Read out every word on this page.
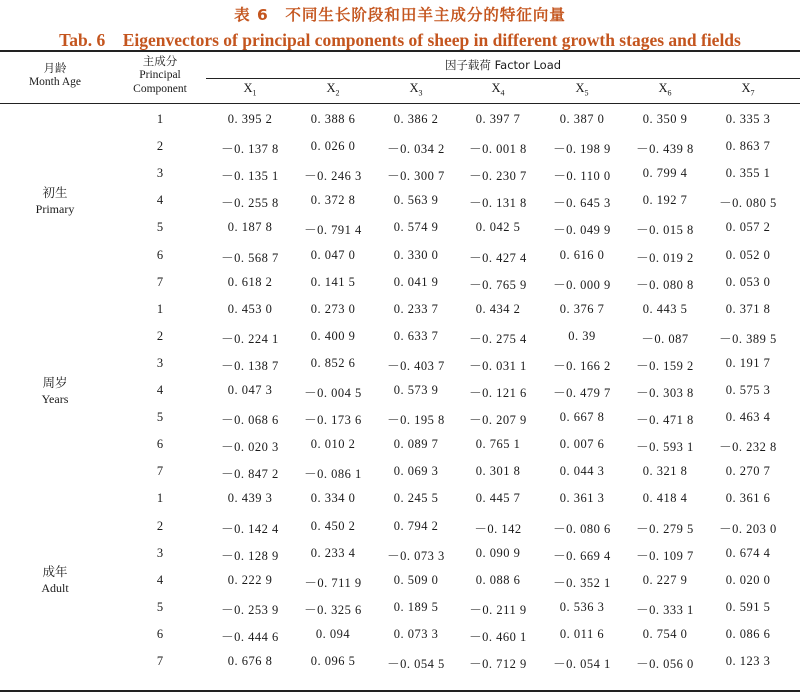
表 6　不同生长阶段和田羊主成分的特征向量
Tab. 6　Eigenvectors of principal components of sheep in different growth stages and fields
月龄
Month Age
主成分
Principal
Component
因子载荷 Factor Load
$X_1$	$X_2$	$X_3$	$X_4$	$X_5$	$X_6$	$X_7$
1	0. 395 2	0. 388 6	0. 386 2	0. 397 7	0. 387 0	0. 350 9	0. 335 3
2	－0. 137 8	0. 026 0	－0. 034 2	－0. 001 8	－0. 198 9	－0. 439 8	0. 863 7
3	－0. 135 1	－0. 246 3	－0. 300 7	－0. 230 7	－0. 110 0	0. 799 4	0. 355 1
4	－0. 255 8	0. 372 8	0. 563 9	－0. 131 8	－0. 645 3	0. 192 7	－0. 080 5
5	0. 187 8	－0. 791 4	0. 574 9	0. 042 5	－0. 049 9	－0. 015 8	0. 057 2
6	－0. 568 7	0. 047 0	0. 330 0	－0. 427 4	0. 616 0	－0. 019 2	0. 052 0
7	0. 618 2	0. 141 5	0. 041 9	－0. 765 9	－0. 000 9	－0. 080 8	0. 053 0
初生
Primary
1	0. 453 0	0. 273 0	0. 233 7	0. 434 2	0. 376 7	0. 443 5	0. 371 8
2	－0. 224 1	0. 400 9	0. 633 7	－0. 275 4	0. 39	－0. 087	－0. 389 5
3	－0. 138 7	0. 852 6	－0. 403 7	－0. 031 1	－0. 166 2	－0. 159 2	0. 191 7
4	0. 047 3	－0. 004 5	0. 573 9	－0. 121 6	－0. 479 7	－0. 303 8	0. 575 3
5	－0. 068 6	－0. 173 6	－0. 195 8	－0. 207 9	0. 667 8	－0. 471 8	0. 463 4
6	－0. 020 3	0. 010 2	0. 089 7	0. 765 1	0. 007 6	－0. 593 1	－0. 232 8
7	－0. 847 2	－0. 086 1	0. 069 3	0. 301 8	0. 044 3	0. 321 8	0. 270 7
周岁
Years
1	0. 439 3	0. 334 0	0. 245 5	0. 445 7	0. 361 3	0. 418 4	0. 361 6
2	－0. 142 4	0. 450 2	0. 794 2	－0. 142	－0. 080 6	－0. 279 5	－0. 203 0
3	－0. 128 9	0. 233 4	－0. 073 3	0. 090 9	－0. 669 4	－0. 109 7	0. 674 4
4	0. 222 9	－0. 711 9	0. 509 0	0. 088 6	－0. 352 1	0. 227 9	0. 020 0
5	－0. 253 9	－0. 325 6	0. 189 5	－0. 211 9	0. 536 3	－0. 333 1	0. 591 5
6	－0. 444 6	0. 094	0. 073 3	－0. 460 1	0. 011 6	0. 754 0	0. 086 6
7	0. 676 8	0. 096 5	－0. 054 5	－0. 712 9	－0. 054 1	－0. 056 0	0. 123 3
成年
Adult
